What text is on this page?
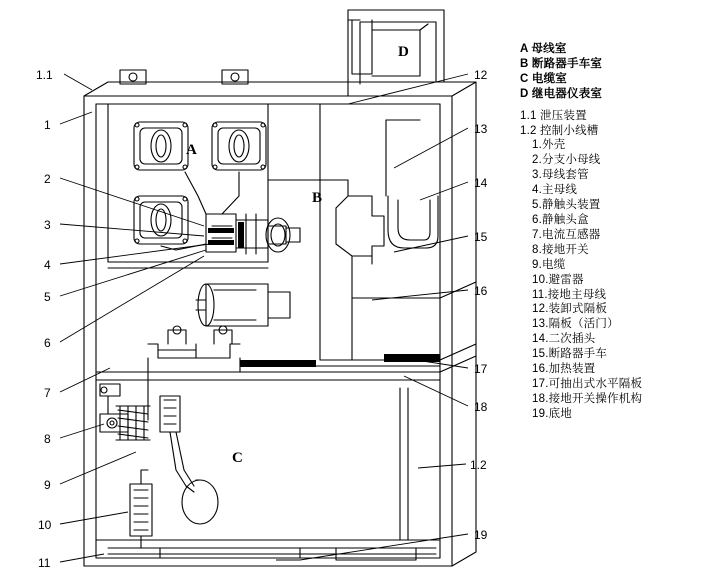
A
B
C
D
1.1
1
2
3
4
5
6
7
8
9
10
11
12
13
14
15
16
17
18
1.2
19
A 母线室
B 断路器手车室
C 电缆室
D 继电器仪表室
1.1 泄压装置
1.2 控制小线槽
1.外壳
2.分支小母线
3.母线套管
4.主母线
5.静触头装置
6.静触头盒
7.电流互感器
8.接地开关
9.电缆
10.避雷器
11.接地主母线
12.装卸式隔板
13.隔板（活门）
14.二次插头
15.断路器手车
16.加热装置
17.可抽出式水平隔板
18.接地开关操作机构
19.底地
